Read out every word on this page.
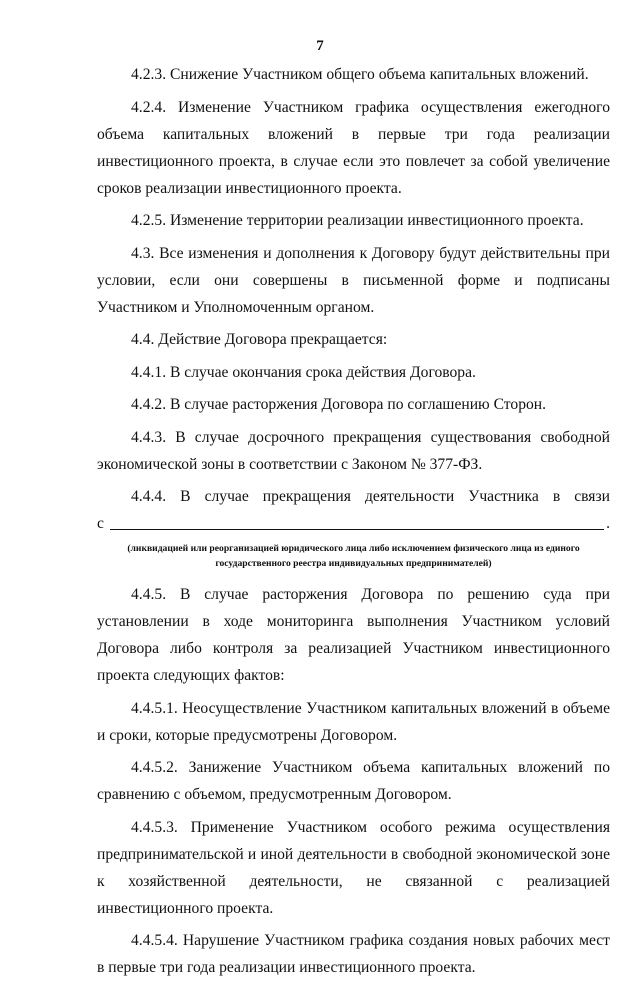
7

4.2.3. Снижение Участником общего объема капитальных вложений.

4.2.4. Изменение Участником графика осуществления ежегодного объема капитальных вложений в первые три года реализации инвестиционного проекта, в случае если это повлечет за собой увеличение сроков реализации инвестиционного проекта.

4.2.5. Изменение территории реализации инвестиционного проекта.

4.3. Все изменения и дополнения к Договору будут действительны при условии, если они совершены в письменной форме и подписаны Участником и Уполномоченным органом.

4.4. Действие Договора прекращается:

4.4.1. В случае окончания срока действия Договора.

4.4.2. В случае расторжения Договора по соглашению Сторон.

4.4.3. В случае досрочного прекращения существования свободной экономической зоны в соответствии с Законом № 377-ФЗ.

4.4.4. В случае прекращения деятельности Участника в связи

с	.
(ликвидацией или реорганизацией юридического лица либо исключением физического лица из единого
государственного реестра индивидуальных предпринимателей)

4.4.5. В случае расторжения Договора по решению суда при установлении в ходе мониторинга выполнения Участником условий Договора либо контроля за реализацией Участником инвестиционного проекта следующих фактов:

4.4.5.1. Неосуществление Участником капитальных вложений в объеме и сроки, которые предусмотрены Договором.

4.4.5.2. Занижение Участником объема капитальных вложений по сравнению с объемом, предусмотренным Договором.

4.4.5.3. Применение Участником особого режима осуществления предпринимательской и иной деятельности в свободной экономической зоне к хозяйственной деятельности, не связанной с реализацией инвестиционного проекта.

4.4.5.4. Нарушение Участником графика создания новых рабочих мест в первые три года реализации инвестиционного проекта.
